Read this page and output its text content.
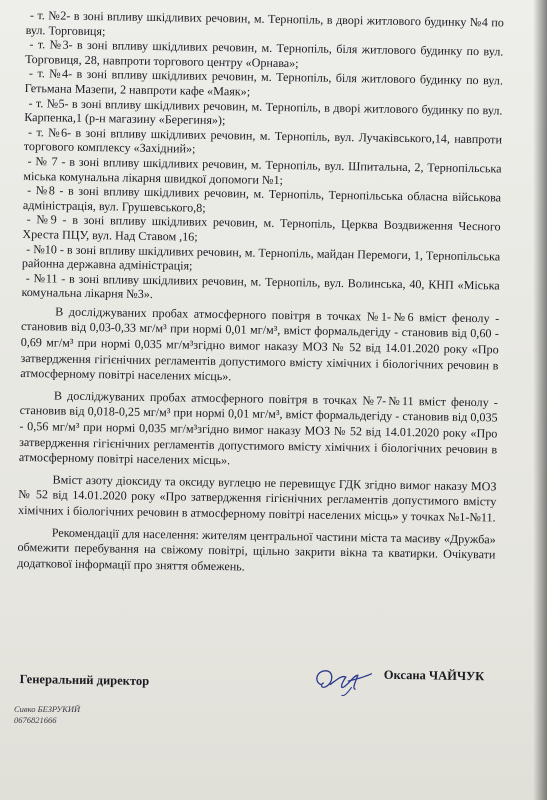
- т. №2- в зоні впливу шкідливих речовин, м. Тернопіль, в дворі житлового будинку №4 по вул. Торговиця;

- т. №3- в зоні впливу шкідливих речовин, м. Тернопіль, біля житлового будинку по вул. Торговиця, 28, навпроти торгового центру «Орнава»;

- т. №4- в зоні впливу шкідливих речовин, м. Тернопіль, біля житлового будинку по вул. Гетьмана Мазепи, 2 навпроти кафе «Маяк»;

- т. №5- в зоні впливу шкідливих речовин, м. Тернопіль, в дворі житлового будинку по вул. Карпенка,1 (р-н магазину «Берегиня»);

- т. №6- в зоні впливу шкідливих речовин, м. Тернопіль, вул. Лучаківського,14, навпроти торгового комплексу «Західний»;

- № 7 - в зоні впливу шкідливих речовин, м. Тернопіль, вул. Шпитальна, 2, Тернопільська міська комунальна лікарня швидкої допомоги №1;

- №8 - в зоні впливу шкідливих речовин, м. Тернопіль, Тернопільська обласна військова адміністрація, вул. Грушевського,8;

- №9 - в зоні впливу шкідливих речовин, м. Тернопіль, Церква Воздвиження Чесного Хреста ПЦУ, вул. Над Ставом ,16;

- №10 - в зоні впливу шкідливих речовин, м. Тернопіль, майдан Перемоги, 1, Тернопільська районна державна адміністрація;

- №11 - в зоні впливу шкідливих речовин, м. Тернопіль, вул. Волинська, 40, КНП «Міська комунальна лікарня №3».

В досліджуваних пробах атмосферного повітря в точках №1-№6 вміст фенолу - становив від 0,03-0,33 мг/м³ при нормі 0,01 мг/м³, вміст формальдегіду - становив від 0,60 - 0,69 мг/м³ при нормі 0,035 мг/м³згідно вимог наказу МОЗ № 52 від 14.01.2020 року «Про затвердження гігієнічних регламентів допустимого вмісту хімічних і біологічних речовин в атмосферному повітрі населених місць».

В досліджуваних пробах атмосферного повітря в точках №7-№11 вміст фенолу - становив від 0,018-0,25 мг/м³ при нормі 0,01 мг/м³, вміст формальдегіду - становив від 0,035 - 0,56 мг/м³ при нормі 0,035 мг/м³згідно вимог наказу МОЗ № 52 від 14.01.2020 року «Про затвердження гігієнічних регламентів допустимого вмісту хімічних і біологічних речовин в атмосферному повітрі населених місць».

Вміст азоту діоксиду та оксиду вуглецю не перевищує ГДК згідно вимог наказу МОЗ № 52 від 14.01.2020 року «Про затвердження гігієнічних регламентів допустимого вмісту хімічних і біологічних речовин в атмосферному повітрі населених місць» у точках №1-№11.

Рекомендації для населення: жителям центральної частини міста та масиву «Дружба» обмежити перебування на свіжому повітрі, щільно закрити вікна та кватирки. Очікувати додаткової інформації про зняття обмежень.

Генеральний директор	Оксана ЧАЙЧУК
Сивко БЕЗРУКИЙ
0676821666
